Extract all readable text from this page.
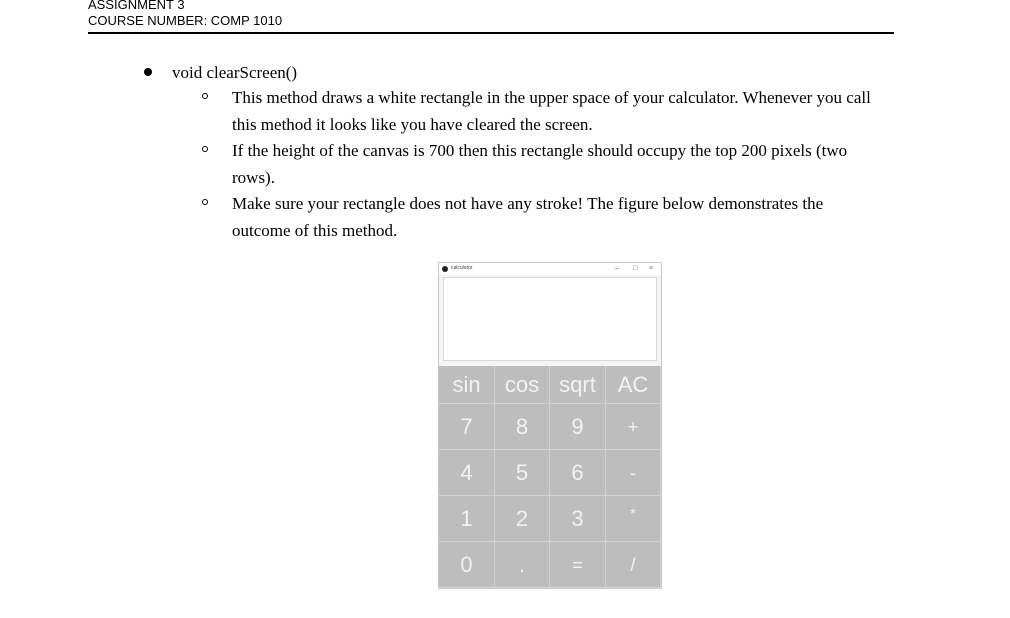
ASSIGNMENT 3
COURSE NUMBER: COMP 1010
void clearScreen()
This method draws a white rectangle in the upper space of your calculator. Whenever you call this method it looks like you have cleared the screen.
If the height of the canvas is 700 then this rectangle should occupy the top 200 pixels (two rows).
Make sure your rectangle does not have any stroke! The figure below demonstrates the outcome of this method.
calculator	– □ ×
sin	cos sqrt AC
7	8	9	+
4	5	6	-
1	2	3	*
0	.	=	/
